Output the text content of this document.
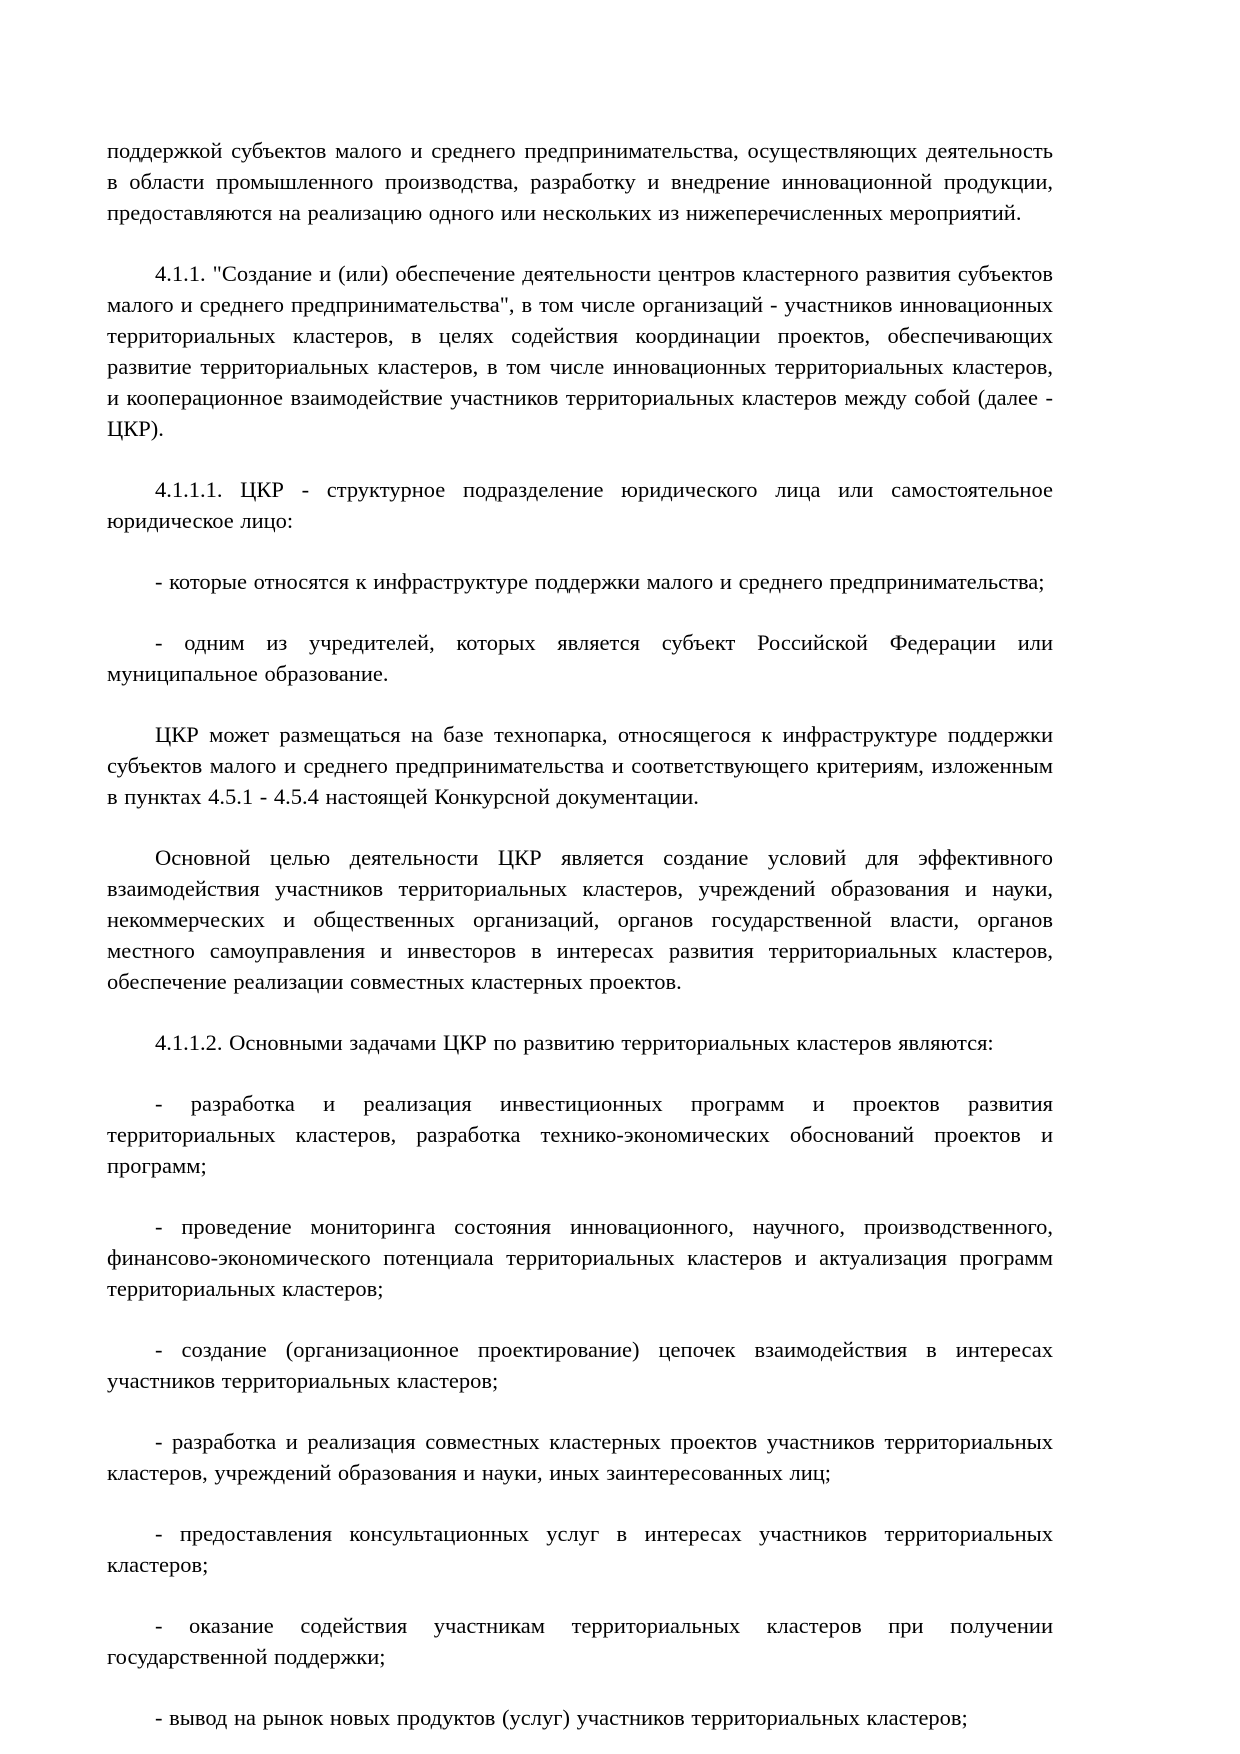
поддержкой субъектов малого и среднего предпринимательства, осуществляющих деятельность в области промышленного производства, разработку и внедрение инновационной продукции, предоставляются на реализацию одного или нескольких из нижеперечисленных мероприятий.

4.1.1. "Создание и (или) обеспечение деятельности центров кластерного развития субъектов малого и среднего предпринимательства", в том числе организаций - участников инновационных территориальных кластеров, в целях содействия координации проектов, обеспечивающих развитие территориальных кластеров, в том числе инновационных территориальных кластеров, и кооперационное взаимодействие участников территориальных кластеров между собой (далее - ЦКР).

4.1.1.1. ЦКР - структурное подразделение юридического лица или самостоятельное юридическое лицо:

- которые относятся к инфраструктуре поддержки малого и среднего предпринимательства;

- одним из учредителей, которых является субъект Российской Федерации или муниципальное образование.

ЦКР может размещаться на базе технопарка, относящегося к инфраструктуре поддержки субъектов малого и среднего предпринимательства и соответствующего критериям, изложенным в пунктах 4.5.1 - 4.5.4 настоящей Конкурсной документации.

Основной целью деятельности ЦКР является создание условий для эффективного взаимодействия участников территориальных кластеров, учреждений образования и науки, некоммерческих и общественных организаций, органов государственной власти, органов местного самоуправления и инвесторов в интересах развития территориальных кластеров, обеспечение реализации совместных кластерных проектов.

4.1.1.2. Основными задачами ЦКР по развитию территориальных кластеров являются:

- разработка и реализация инвестиционных программ и проектов развития территориальных кластеров, разработка технико-экономических обоснований проектов и программ;

- проведение мониторинга состояния инновационного, научного, производственного, финансово-экономического потенциала территориальных кластеров и актуализация программ территориальных кластеров;

- создание (организационное проектирование) цепочек взаимодействия в интересах участников территориальных кластеров;

- разработка и реализация совместных кластерных проектов участников территориальных кластеров, учреждений образования и науки, иных заинтересованных лиц;

- предоставления консультационных услуг в интересах участников территориальных кластеров;

- оказание содействия участникам территориальных кластеров при получении государственной поддержки;

- вывод на рынок новых продуктов (услуг) участников территориальных кластеров;
